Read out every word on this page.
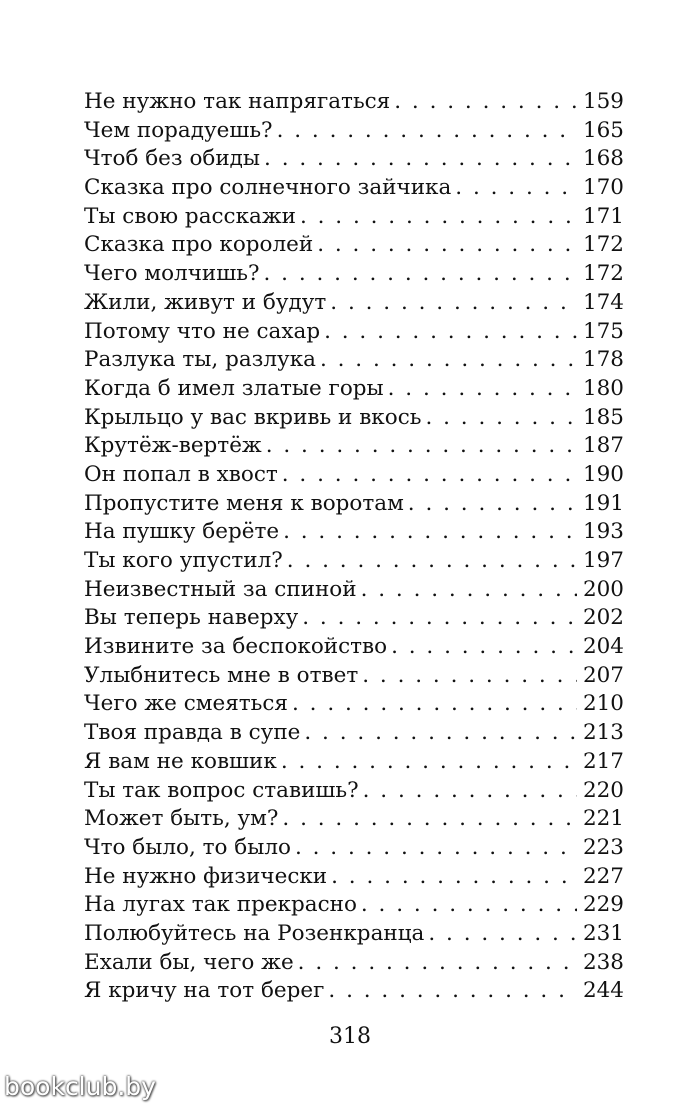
Не нужно так напрягаться . . .	159
Чем порадуешь? . . .	165
Чтоб без обиды . . .	168
Сказка про солнечного зайчика . . .	170
Ты свою расскажи . . .	171
Сказка про королей . . .	172
Чего молчишь? . . .	172
Жили, живут и будут . . .	174
Потому что не сахар . . .	175
Разлука ты, разлука . . .	178
Когда б имел златые горы . . .	180
Крыльцо у вас вкривь и вкось . . .	185
Крутёж-вертёж . . .	187
Он попал в хвост . . .	190
Пропустите меня к воротам . . .	191
На пушку берёте . . .	193
Ты кого упустил? . . .	197
Неизвестный за спиной . . .	200
Вы теперь наверху . . .	202
Извините за беспокойство . . .	204
Улыбнитесь мне в ответ . . .	207
Чего же смеяться . . .	210
Твоя правда в супе . . .	213
Я вам не ковшик . . .	217
Ты так вопрос ставишь? . . .	220
Может быть, ум? . . .	221
Что было, то было . . .	223
Не нужно физически . . .	227
На лугах так прекрасно . . .	229
Полюбуйтесь на Розенкранца . . .	231
Ехали бы, чего же . . .	238
Я кричу на тот берег . . .	244
318
bookclub.by
